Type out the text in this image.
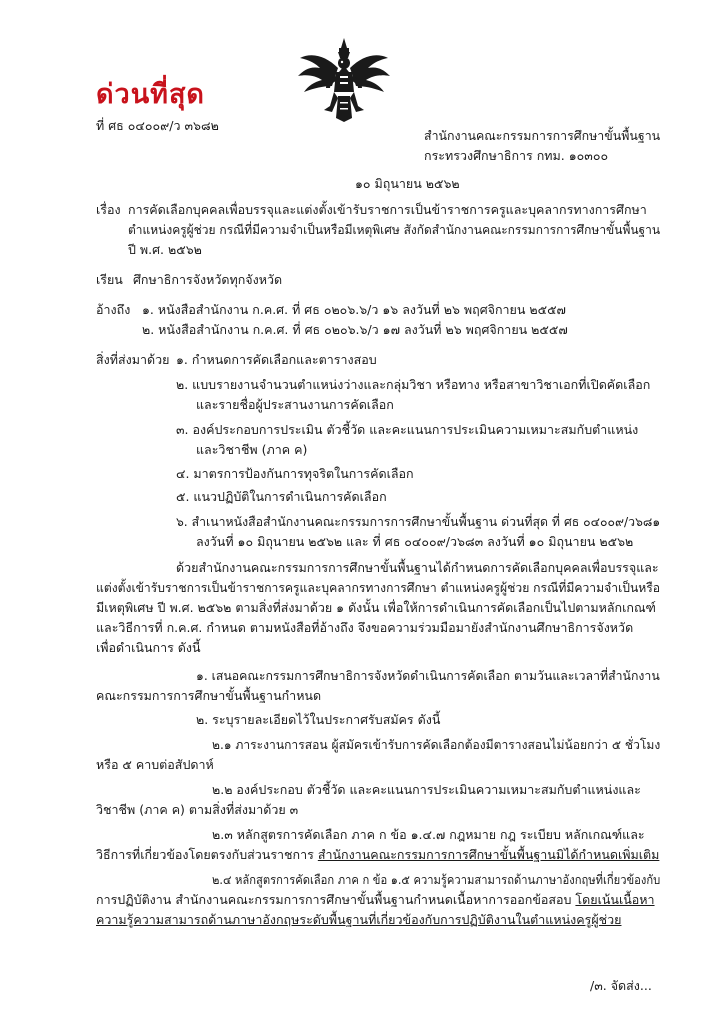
ด่วนที่สุด
ที่ ศธ ๐๔๐๐๙/ว ๓๖๘๒
สำนักงานคณะกรรมการการศึกษาขั้นพื้นฐาน
กระทรวงศึกษาธิการ กทม. ๑๐๓๐๐
๑๐ มิถุนายน ๒๕๖๒
เรื่อง การคัดเลือกบุคคลเพื่อบรรจุและแต่งตั้งเข้ารับราชการเป็นข้าราชการครูและบุคลากรทางการศึกษา
ตำแหน่งครูผู้ช่วย กรณีที่มีความจำเป็นหรือมีเหตุพิเศษ สังกัดสำนักงานคณะกรรมการการศึกษาขั้นพื้นฐาน
ปี พ.ศ. ๒๕๖๒
เรียน ศึกษาธิการจังหวัดทุกจังหวัด
อ้างถึง ๑. หนังสือสำนักงาน ก.ค.ศ. ที่ ศธ ๐๒๐๖.๖/ว ๑๖ ลงวันที่ ๒๖ พฤศจิกายน ๒๕๕๗
๒. หนังสือสำนักงาน ก.ค.ศ. ที่ ศธ ๐๒๐๖.๖/ว ๑๗ ลงวันที่ ๒๖ พฤศจิกายน ๒๕๕๗
สิ่งที่ส่งมาด้วย ๑. กำหนดการคัดเลือกและตารางสอบ
๒. แบบรายงานจำนวนตำแหน่งว่างและกลุ่มวิชา หรือทาง หรือสาขาวิชาเอกที่เปิดคัดเลือก
และรายชื่อผู้ประสานงานการคัดเลือก
๓. องค์ประกอบการประเมิน ตัวชี้วัด และคะแนนการประเมินความเหมาะสมกับตำแหน่ง
และวิชาชีพ (ภาค ค)
๔. มาตรการป้องกันการทุจริตในการคัดเลือก
๕. แนวปฏิบัติในการดำเนินการคัดเลือก
๖. สำเนาหนังสือสำนักงานคณะกรรมการการศึกษาขั้นพื้นฐาน ด่วนที่สุด ที่ ศธ ๐๔๐๐๙/ว๖๘๑
ลงวันที่ ๑๐ มิถุนายน ๒๕๖๒ และ ที่ ศธ ๐๔๐๐๙/ว๖๘๓ ลงวันที่ ๑๐ มิถุนายน ๒๕๖๒
ด้วยสำนักงานคณะกรรมการการศึกษาขั้นพื้นฐานได้กำหนดการคัดเลือกบุคคลเพื่อบรรจุและ
แต่งตั้งเข้ารับราชการเป็นข้าราชการครูและบุคลากรทางการศึกษา ตำแหน่งครูผู้ช่วย กรณีที่มีความจำเป็นหรือ
มีเหตุพิเศษ ปี พ.ศ. ๒๕๖๒ ตามสิ่งที่ส่งมาด้วย ๑ ดังนั้น เพื่อให้การดำเนินการคัดเลือกเป็นไปตามหลักเกณฑ์
และวิธีการที่ ก.ค.ศ. กำหนด ตามหนังสือที่อ้างถึง จึงขอความร่วมมือมายังสำนักงานศึกษาธิการจังหวัด
เพื่อดำเนินการ ดังนี้
๑. เสนอคณะกรรมการศึกษาธิการจังหวัดดำเนินการคัดเลือก ตามวันและเวลาที่สำนักงาน
คณะกรรมการการศึกษาขั้นพื้นฐานกำหนด
๒. ระบุรายละเอียดไว้ในประกาศรับสมัคร ดังนี้
๒.๑ ภาระงานการสอน ผู้สมัครเข้ารับการคัดเลือกต้องมีตารางสอนไม่น้อยกว่า ๕ ชั่วโมง
หรือ ๕ คาบต่อสัปดาห์
๒.๒ องค์ประกอบ ตัวชี้วัด และคะแนนการประเมินความเหมาะสมกับตำแหน่งและ
วิชาชีพ (ภาค ค) ตามสิ่งที่ส่งมาด้วย ๓
๒.๓ หลักสูตรการคัดเลือก ภาค ก ข้อ ๑.๔.๗ กฎหมาย กฎ ระเบียบ หลักเกณฑ์และ
วิธีการที่เกี่ยวข้องโดยตรงกับส่วนราชการ สำนักงานคณะกรรมการการศึกษาขั้นพื้นฐานมิได้กำหนดเพิ่มเติม
๒.๔ หลักสูตรการคัดเลือก ภาค ก ข้อ ๑.๕ ความรู้ความสามารถด้านภาษาอังกฤษที่เกี่ยวข้องกับ
การปฏิบัติงาน สำนักงานคณะกรรมการการศึกษาขั้นพื้นฐานกำหนดเนื้อหาการออกข้อสอบ โดยเน้นเนื้อหา
ความรู้ความสามารถด้านภาษาอังกฤษระดับพื้นฐานที่เกี่ยวข้องกับการปฏิบัติงานในตำแหน่งครูผู้ช่วย
/๓. จัดส่ง...
